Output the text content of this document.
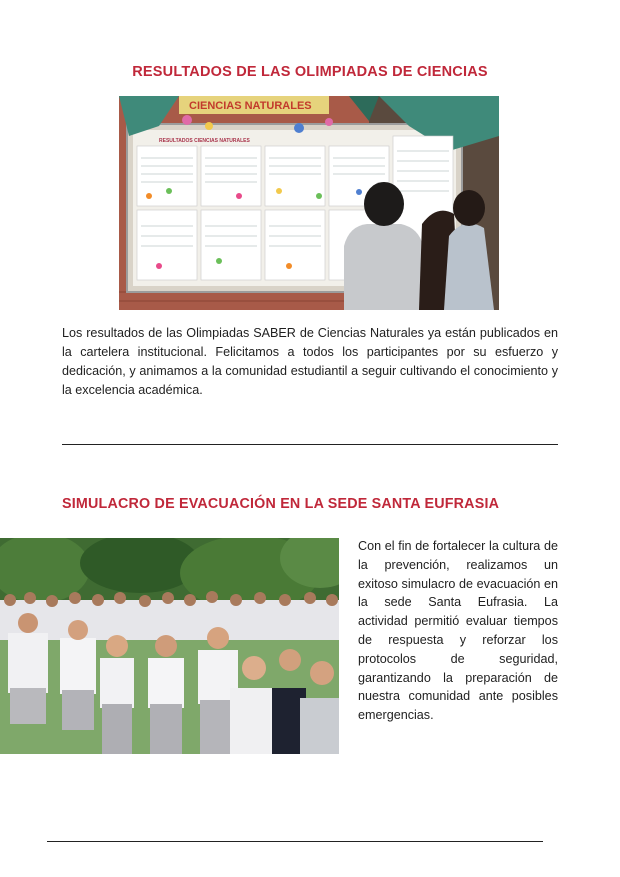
RESULTADOS DE LAS OLIMPIADAS DE CIENCIAS
CIENCIAS NATURALES
RESULTADOS CIENCIAS NATURALES

Los resultados de las Olimpiadas SABER de Ciencias Naturales ya están publicados en la cartelera institucional. Felicitamos a todos los participantes por su esfuerzo y dedicación, y animamos a la comunidad estudiantil a seguir cultivando el conocimiento y la excelencia académica.

SIMULACRO DE EVACUACIÓN EN LA SEDE SANTA EUFRASIA

Con el fin de fortalecer la cultura de la prevención, realizamos un exitoso simulacro de evacuación en la sede Santa Eufrasia. La actividad permitió evaluar tiempos de respuesta y reforzar los protocolos de seguridad, garantizando la preparación de nuestra comunidad ante posibles emergencias.
